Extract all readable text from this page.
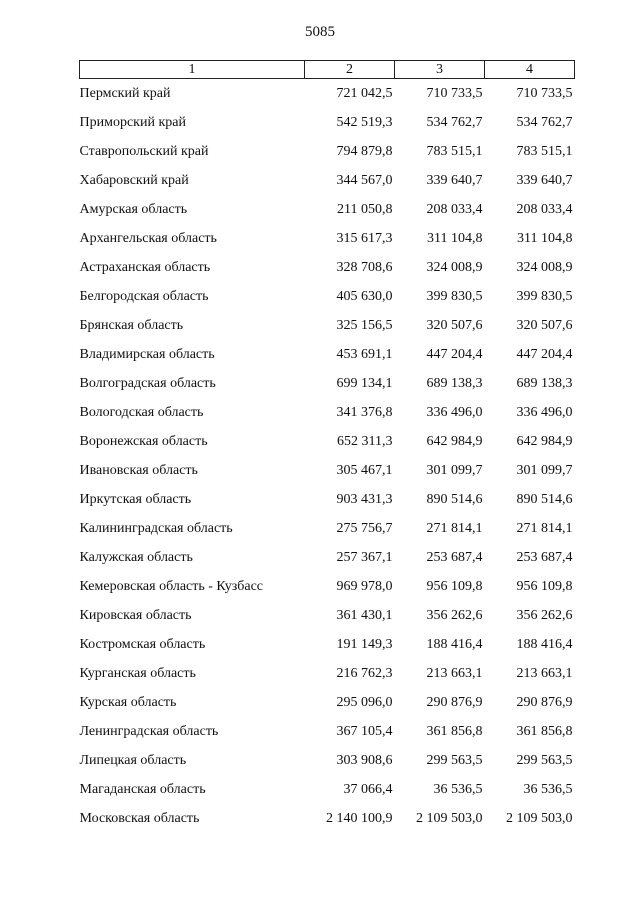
5085
1	2	3	4
Пермский край	721 042,5	710 733,5	710 733,5
Приморский край	542 519,3	534 762,7	534 762,7
Ставропольский край	794 879,8	783 515,1	783 515,1
Хабаровский край	344 567,0	339 640,7	339 640,7
Амурская область	211 050,8	208 033,4	208 033,4
Архангельская область	315 617,3	311 104,8	311 104,8
Астраханская область	328 708,6	324 008,9	324 008,9
Белгородская область	405 630,0	399 830,5	399 830,5
Брянская область	325 156,5	320 507,6	320 507,6
Владимирская область	453 691,1	447 204,4	447 204,4
Волгоградская область	699 134,1	689 138,3	689 138,3
Вологодская область	341 376,8	336 496,0	336 496,0
Воронежская область	652 311,3	642 984,9	642 984,9
Ивановская область	305 467,1	301 099,7	301 099,7
Иркутская область	903 431,3	890 514,6	890 514,6
Калининградская область	275 756,7	271 814,1	271 814,1
Калужская область	257 367,1	253 687,4	253 687,4
Кемеровская область - Кузбасс	969 978,0	956 109,8	956 109,8
Кировская область	361 430,1	356 262,6	356 262,6
Костромская область	191 149,3	188 416,4	188 416,4
Курганская область	216 762,3	213 663,1	213 663,1
Курская область	295 096,0	290 876,9	290 876,9
Ленинградская область	367 105,4	361 856,8	361 856,8
Липецкая область	303 908,6	299 563,5	299 563,5
Магаданская область	37 066,4	36 536,5	36 536,5
Московская область	2 140 100,9	2 109 503,0	2 109 503,0
